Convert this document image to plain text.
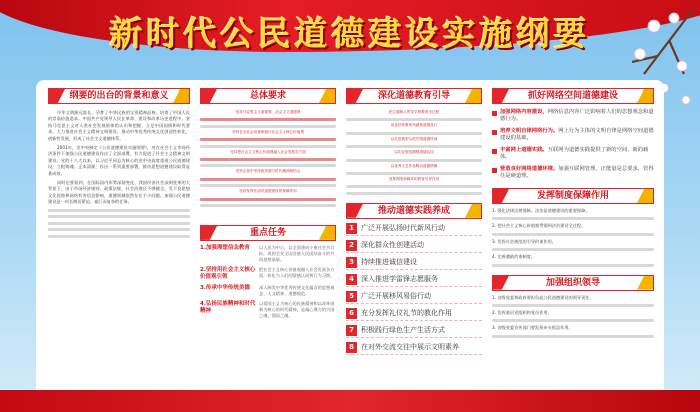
新时代公民道德建设实施纲要
纲要的出台的背景和意义

中华文明源远流长，孕育了中华民族的宝贵精神品格，培育了中国人民的崇高价值追求。中国共产党领导人民在革命、建设和改革历史进程中，坚持马克思主义对人类社会发展规律的认识和把握，立足中国国情和时代要求，大力推进社会主义精神文明建设，推动中华优秀传统文化创造性转化、创新性发展，形成了社会主义道德体系。

2001年，党中央制定《公民道德建设实施纲要》，对在社会主义市场经济条件下加强公民道德建设作出了全面部署，有力促进了社会主义精神文明建设。党的十八大以来，以习近平同志为核心的党中央高度重视公民道德建设，立根铸魂、正本清源，作出一系列重要部署，推动思想道德建设取得显著成效。

同时也要看到，在国际国内形势深刻变化、我国经济社会深刻变革的大背景下，由于市场经济规则、政策法规、社会治理还不够健全，受不良思想文化侵蚀和网络有害信息影响，道德领域依然存在不少问题。加强公民道德建设是一项长期而紧迫、艰巨而复杂的任务。

总体要求
坚持马克思主义道德观、社会主义道德观
坚持在全社会培育和践行社会主义核心价值观
坚持把社会主义核心价值观融入社会发展各方面
坚持弘扬中华传统美德与时代精神相结合
坚持发挥法治对道德建设的保障作用
重点任务
1.加强理想信念教育	以人民为中心，以全面建成小康社会为目标，巩固全党全国各族人民团结奋斗的共同思想基础。
2.坚持用社会主义核心价值观引领
把社会主义核心价值观融入社会发展各方面，转化为人们的情感认同和行为习惯。
3.传承中华传统美德	深入阐发中华优秀传统文化蕴含的思想观念、人文精神、道德规范。
4.弘扬民族精神和时代精神
以爱国主义为核心的民族精神和以改革创新为核心的时代精神，是凝心聚力的兴国之魂、强国之魂。
深化道德教育引导
把立德树人贯穿学校教育全过程
用良好家教家风涵育道德品行
以先进典型示范引领道德风尚
以礼仪规范增强道德认同
以优秀文艺作品陶冶道德情操
发挥网络和媒体的教育引导作用
推动道德实践养成
1	广泛开展弘扬时代新风行动
2	深化群众性创建活动
3	持续推进诚信建设
4	深入推进学雷锋志愿服务
5	广泛开展移风易俗行动
6	充分发挥礼仪礼节的教化作用
7	积极践行绿色生产生活方式
8	在对外交流交往中展示文明素养
抓好网络空间道德建设
加强网络内容建设，网络信息内容广泛影响着人们的思想观念和道德行为。
培养文明自律网络行为。网上行为主体的文明自律是网络空间道德建设的基础。
丰富网上道德实践。互联网为道德实践提供了新的空间、新的载体。
营造良好网络道德环境。加强互联网管理，正能量是总要求，管得住是硬道理。
发挥制度保障作用
1. 强化法律法规保障。法治是道德建设的重要保障。
2. 把社会主义核心价值观贯彻到法治建设全过程。
3. 发挥社会规范的引导约束作用。
4. 完善激励约束制度。
加强组织领导
1. 各级党委和政府要担负起公民道德建设的领导责任。
2. 发挥基层党组织和党员作用。
3. 各级党委宣传部门要发挥牵头抓总作用。
